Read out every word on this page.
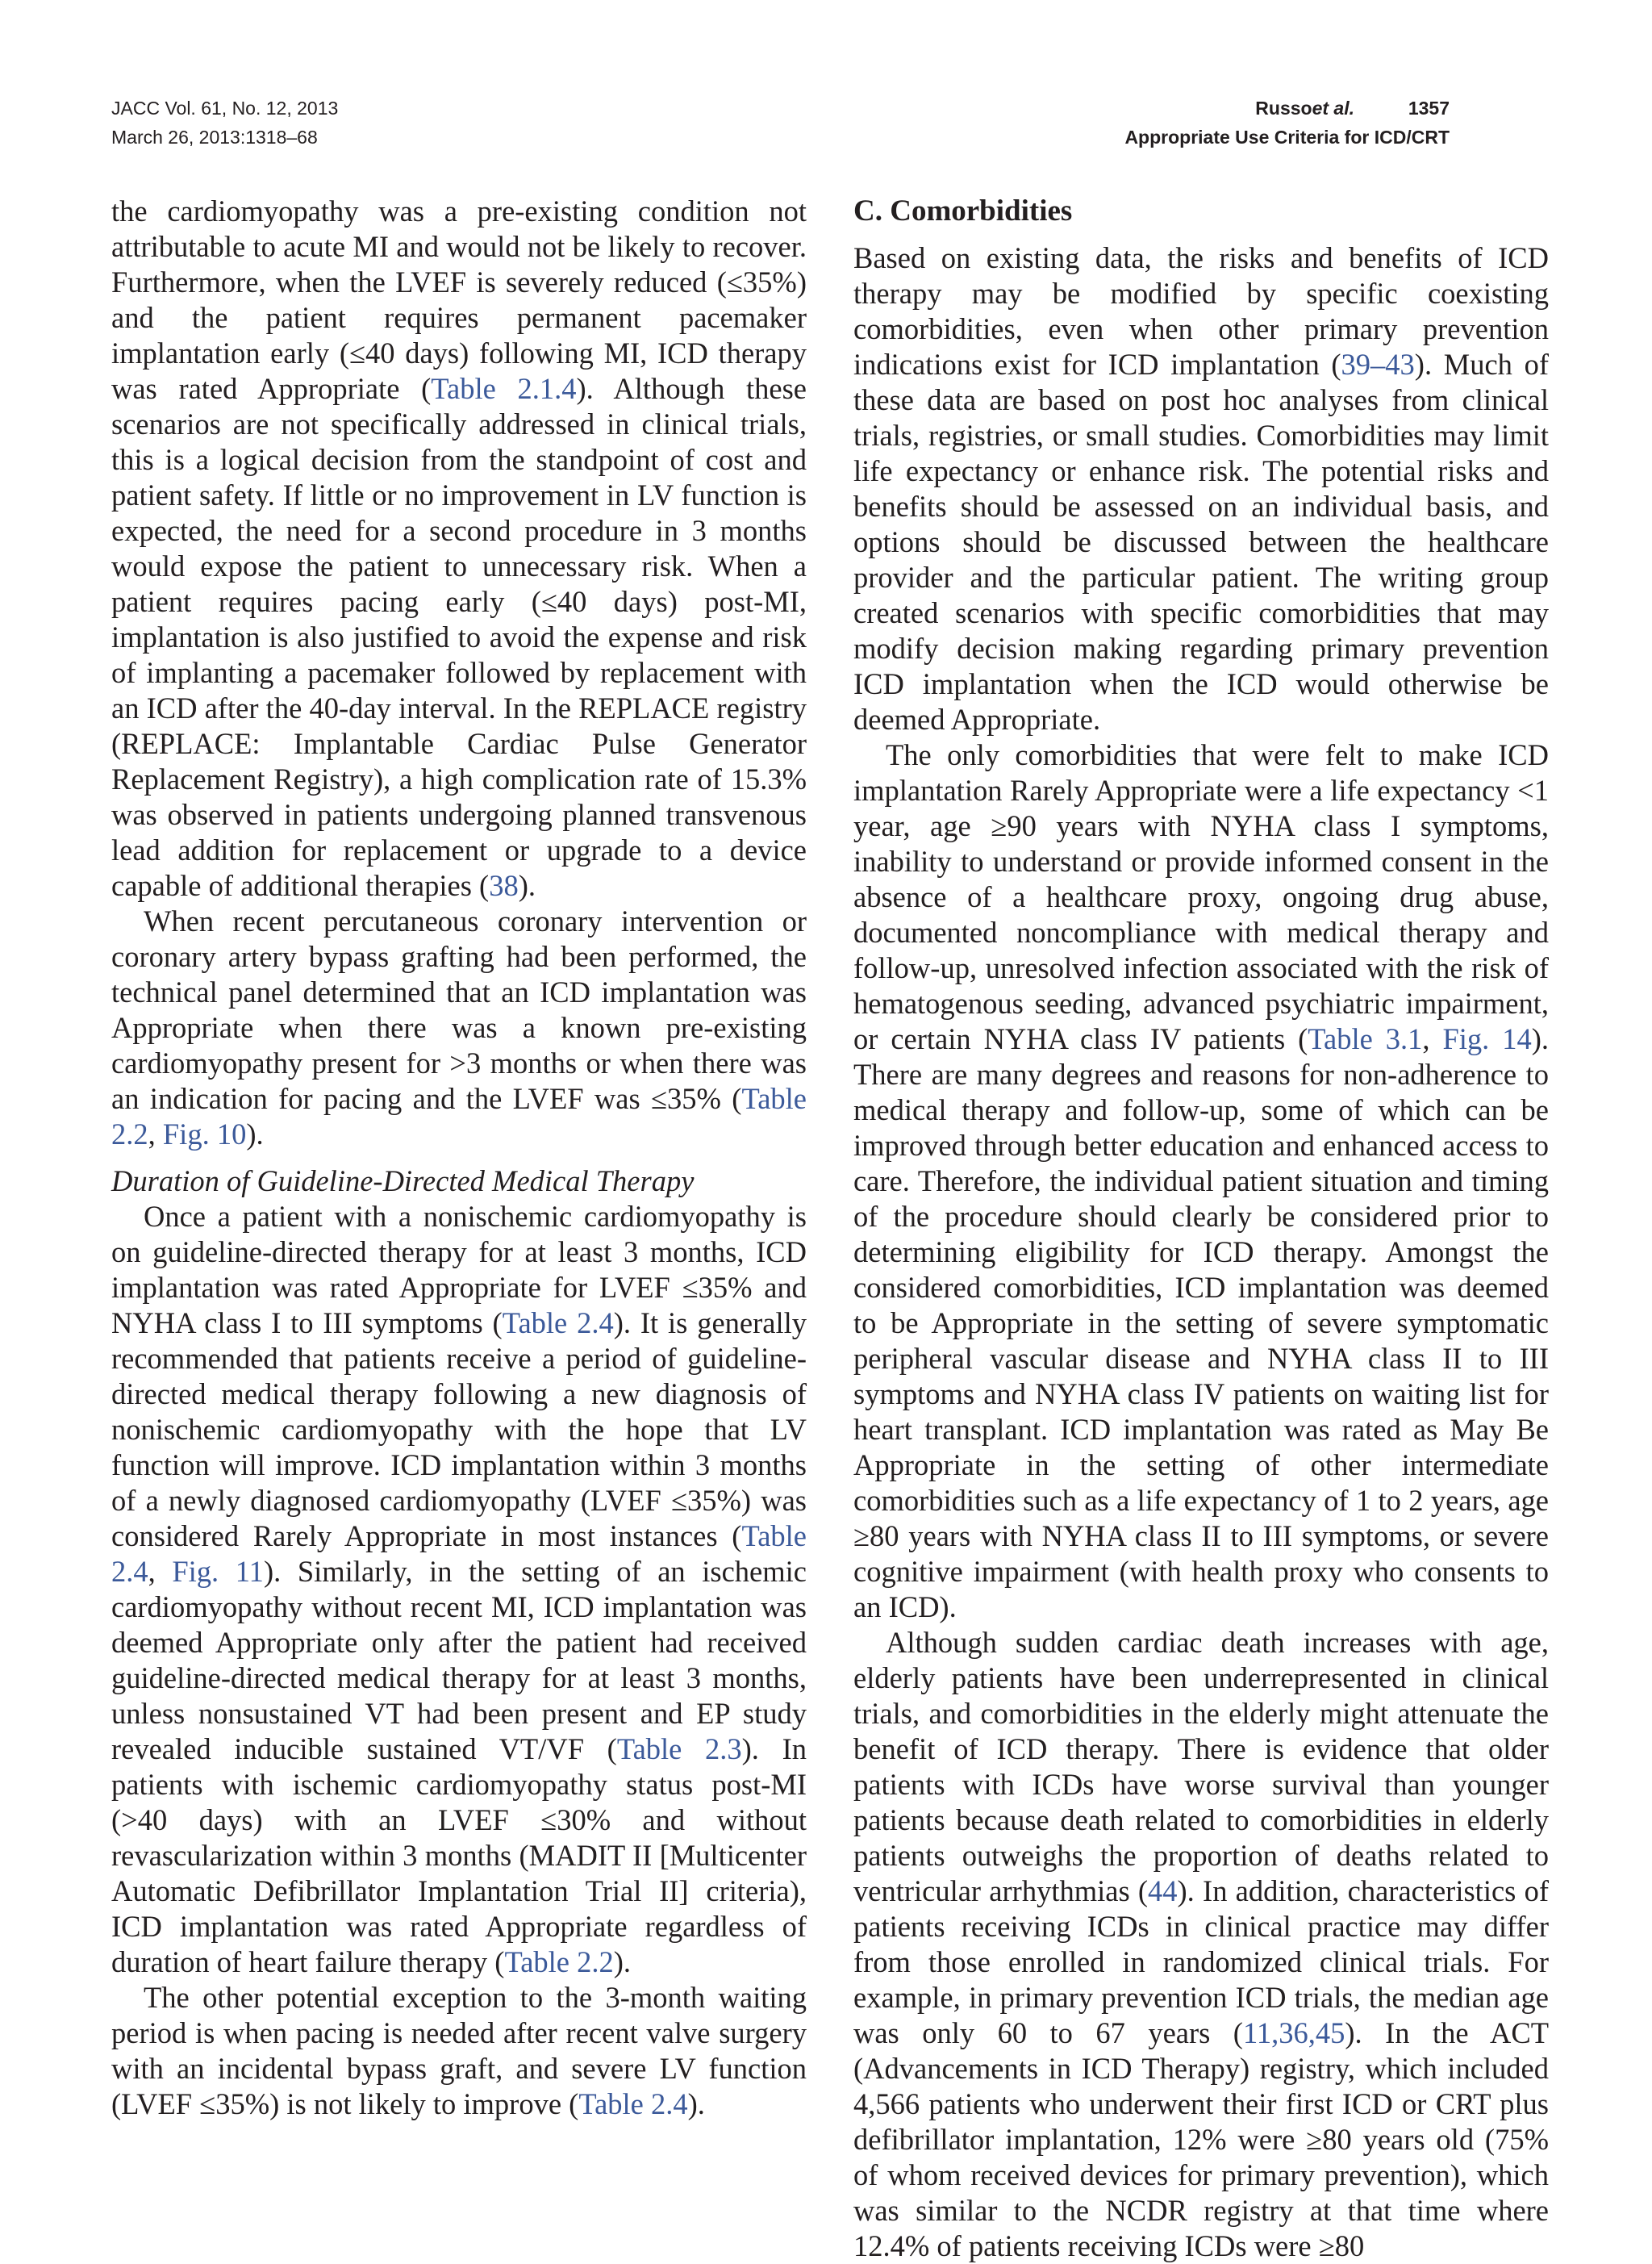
JACC Vol. 61, No. 12, 2013
March 26, 2013:1318–68
Russo et al.	1357
Appropriate Use Criteria for ICD/CRT

the cardiomyopathy was a pre-existing condition not attributable to acute MI and would not be likely to recover. Furthermore, when the LVEF is severely reduced (≤35%) and the patient requires permanent pacemaker implantation early (≤40 days) following MI, ICD therapy was rated Appropriate (Table 2.1.4). Although these scenarios are not specifically addressed in clinical trials, this is a logical decision from the standpoint of cost and patient safety. If little or no improvement in LV function is expected, the need for a second procedure in 3 months would expose the patient to unnecessary risk. When a patient requires pacing early (≤40 days) post-MI, implantation is also justified to avoid the expense and risk of implanting a pacemaker followed by replacement with an ICD after the 40-day interval. In the REPLACE registry (REPLACE: Implantable Cardiac Pulse Generator Replacement Registry), a high complication rate of 15.3% was observed in patients undergoing planned transvenous lead addition for replacement or upgrade to a device capable of additional therapies (38).

When recent percutaneous coronary intervention or coronary artery bypass grafting had been performed, the technical panel determined that an ICD implantation was Appropriate when there was a known pre-existing cardiomyopathy present for >3 months or when there was an indication for pacing and the LVEF was ≤35% (Table 2.2, Fig. 10).

Duration of Guideline-Directed Medical Therapy

Once a patient with a nonischemic cardiomyopathy is on guideline-directed therapy for at least 3 months, ICD implantation was rated Appropriate for LVEF ≤35% and NYHA class I to III symptoms (Table 2.4). It is generally recommended that patients receive a period of guideline-directed medical therapy following a new diagnosis of nonischemic cardiomyopathy with the hope that LV function will improve. ICD implantation within 3 months of a newly diagnosed cardiomyopathy (LVEF ≤35%) was considered Rarely Appropriate in most instances (Table 2.4, Fig. 11). Similarly, in the setting of an ischemic cardiomyopathy without recent MI, ICD implantation was deemed Appropriate only after the patient had received guideline-directed medical therapy for at least 3 months, unless nonsustained VT had been present and EP study revealed inducible sustained VT/VF (Table 2.3). In patients with ischemic cardiomyopathy status post-MI (>40 days) with an LVEF ≤30% and without revascularization within 3 months (MADIT II [Multicenter Automatic Defibrillator Implantation Trial II] criteria), ICD implantation was rated Appropriate regardless of duration of heart failure therapy (Table 2.2).

The other potential exception to the 3-month waiting period is when pacing is needed after recent valve surgery with an incidental bypass graft, and severe LV function (LVEF ≤35%) is not likely to improve (Table 2.4).

C. Comorbidities

Based on existing data, the risks and benefits of ICD therapy may be modified by specific coexisting comorbidities, even when other primary prevention indications exist for ICD implantation (39–43). Much of these data are based on post hoc analyses from clinical trials, registries, or small studies. Comorbidities may limit life expectancy or enhance risk. The potential risks and benefits should be assessed on an individual basis, and options should be discussed between the healthcare provider and the particular patient. The writing group created scenarios with specific comorbidities that may modify decision making regarding primary prevention ICD implantation when the ICD would otherwise be deemed Appropriate.

The only comorbidities that were felt to make ICD implantation Rarely Appropriate were a life expectancy <1 year, age ≥90 years with NYHA class I symptoms, inability to understand or provide informed consent in the absence of a healthcare proxy, ongoing drug abuse, documented noncompliance with medical therapy and follow-up, unresolved infection associated with the risk of hematogenous seeding, advanced psychiatric impairment, or certain NYHA class IV patients (Table 3.1, Fig. 14). There are many degrees and reasons for non-adherence to medical therapy and follow-up, some of which can be improved through better education and enhanced access to care. Therefore, the individual patient situation and timing of the procedure should clearly be considered prior to determining eligibility for ICD therapy. Amongst the considered comorbidities, ICD implantation was deemed to be Appropriate in the setting of severe symptomatic peripheral vascular disease and NYHA class II to III symptoms and NYHA class IV patients on waiting list for heart transplant. ICD implantation was rated as May Be Appropriate in the setting of other intermediate comorbidities such as a life expectancy of 1 to 2 years, age ≥80 years with NYHA class II to III symptoms, or severe cognitive impairment (with health proxy who consents to an ICD).

Although sudden cardiac death increases with age, elderly patients have been underrepresented in clinical trials, and comorbidities in the elderly might attenuate the benefit of ICD therapy. There is evidence that older patients with ICDs have worse survival than younger patients because death related to comorbidities in elderly patients outweighs the proportion of deaths related to ventricular arrhythmias (44). In addition, characteristics of patients receiving ICDs in clinical practice may differ from those enrolled in randomized clinical trials. For example, in primary prevention ICD trials, the median age was only 60 to 67 years (11,36,45). In the ACT (Advancements in ICD Therapy) registry, which included 4,566 patients who underwent their first ICD or CRT plus defibrillator implantation, 12% were ≥80 years old (75% of whom received devices for primary prevention), which was similar to the NCDR registry at that time where 12.4% of patients receiving ICDs were ≥80
